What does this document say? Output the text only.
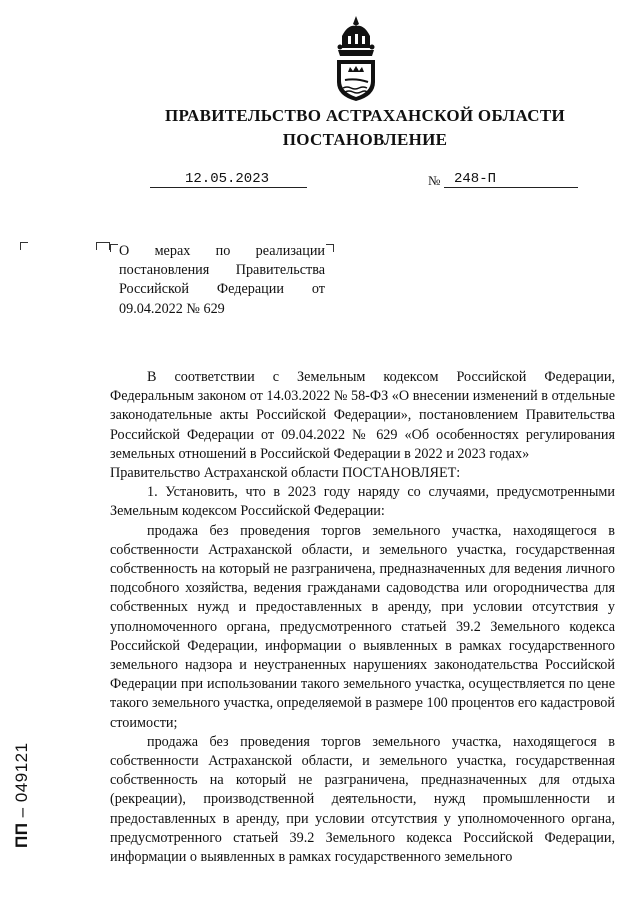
ПРАВИТЕЛЬСТВО АСТРАХАНСКОЙ ОБЛАСТИ
ПОСТАНОВЛЕНИЕ
12.05.2023	№ 248-П
О мерах по реализации постановления Правительства Российской Федерации от 09.04.2022 № 629

В соответствии с Земельным кодексом Российской Федерации, Федеральным законом от 14.03.2022 № 58-ФЗ «О внесении изменений в отдельные законодательные акты Российской Федерации», постановлением Правительства Российской Федерации от 09.04.2022 № 629 «Об особенностях регулирования земельных отношений в Российской Федерации в 2022 и 2023 годах»

Правительство Астраханской области ПОСТАНОВЛЯЕТ:

1. Установить, что в 2023 году наряду со случаями, предусмотренными Земельным кодексом Российской Федерации:

продажа без проведения торгов земельного участка, находящегося в собственности Астраханской области, и земельного участка, государственная собственность на который не разграничена, предназначенных для ведения личного подсобного хозяйства, ведения гражданами садоводства или огородничества для собственных нужд и предоставленных в аренду, при условии отсутствия у уполномоченного органа, предусмотренного статьей 39.2 Земельного кодекса Российской Федерации, информации о выявленных в рамках государственного земельного надзора и неустраненных нарушениях законодательства Российской Федерации при использовании такого земельного участка, осуществляется по цене такого земельного участка, определяемой в размере 100 процентов его кадастровой стоимости;

продажа без проведения торгов земельного участка, находящегося в собственности Астраханской области, и земельного участка, государственная собственность на который не разграничена, предназначенных для отдыха (рекреации), производственной деятельности, нужд промышленности и предоставленных в аренду, при условии отсутствия у уполномоченного органа, предусмотренного статьей 39.2 Земельного кодекса Российской Федерации, информации о выявленных в рамках государственного земельного

ПП – 049121
